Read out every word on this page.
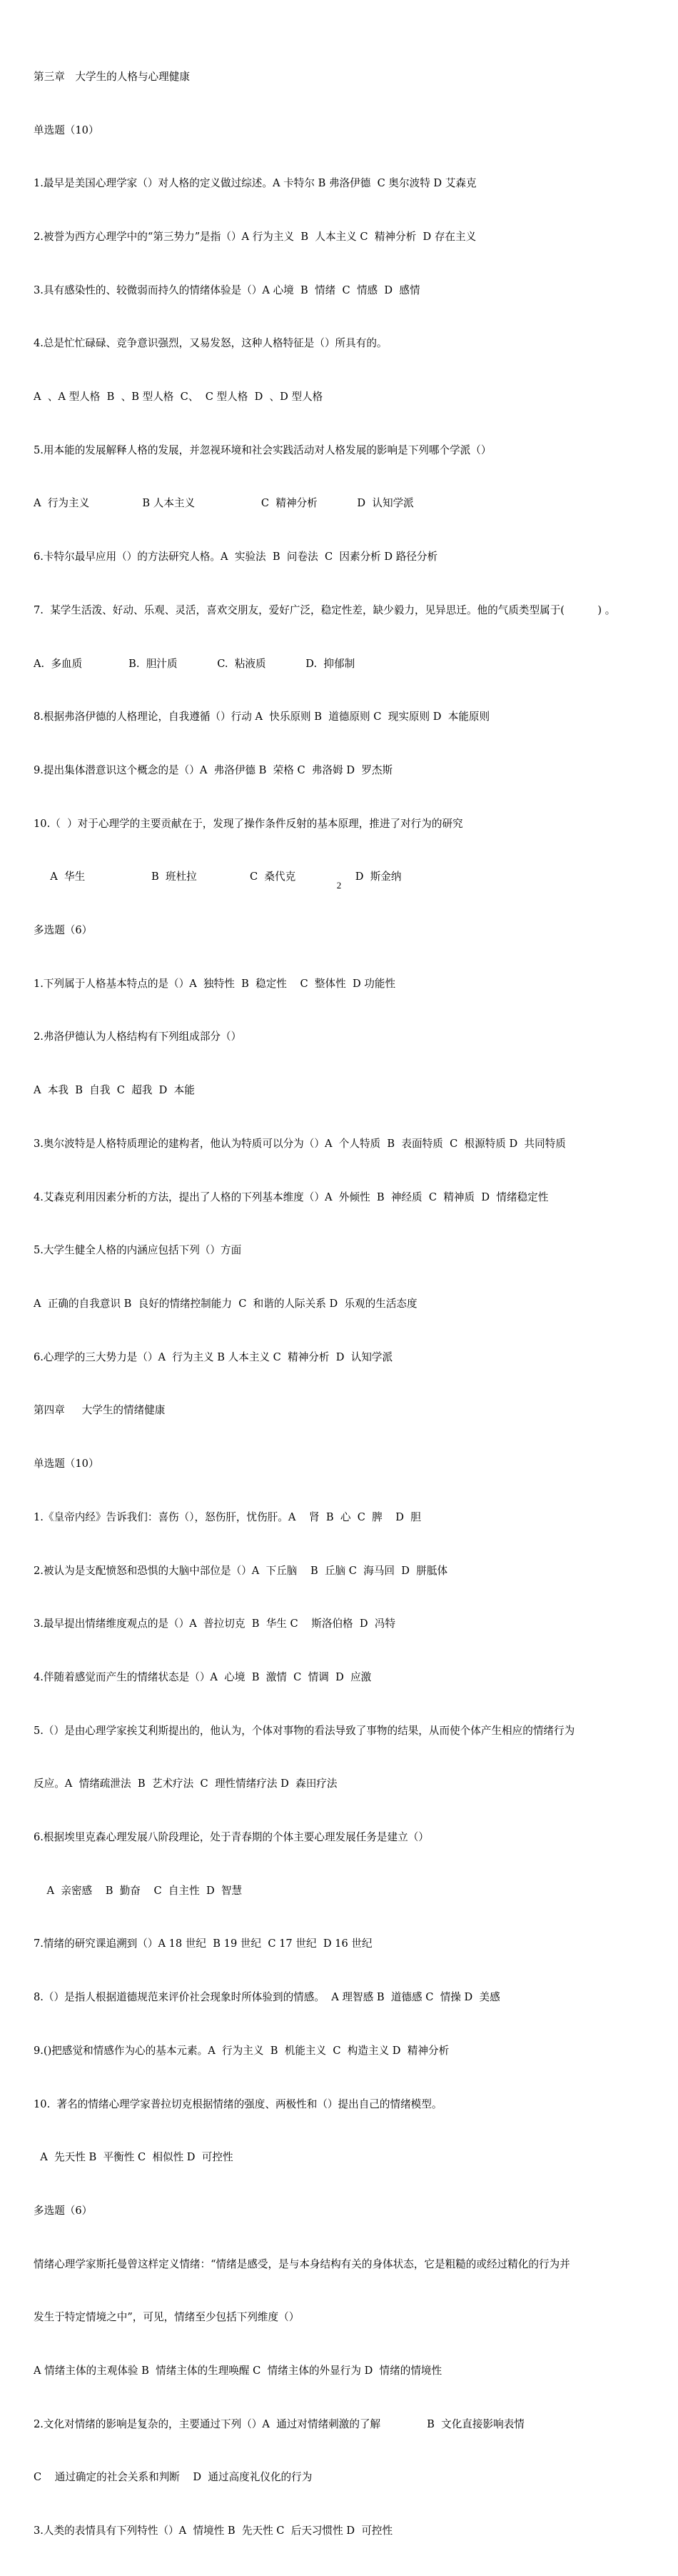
第三章　大学生的人格与心理健康

单选题（10）

1.最早是美国心理学家（）对人格的定义做过综述。A 卡特尔 B 弗洛伊德  C 奥尔波特 D 艾森克

2.被誉为西方心理学中的“第三势力”是指（）A 行为主义  B  人本主义 C  精神分析  D 存在主义

3.具有感染性的、较微弱而持久的情绪体验是（）A 心境  B  情绪  C  情感  D  感情

4.总是忙忙碌碌、竞争意识强烈，又易发怒，这种人格特征是（）所具有的。

A  、A 型人格  B  、B 型人格  C、  C 型人格  D  、D 型人格

5.用本能的发展解释人格的发展，并忽视环境和社会实践活动对人格发展的影响是下列哪个学派（）

A  行为主义                B 人本主义                    C  精神分析            D  认知学派

6.卡特尔最早应用（）的方法研究人格。A  实验法  B  问卷法  C  因素分析 D 路径分析

7.  某学生活泼、好动、乐观、灵活，喜欢交朋友，爱好广泛，稳定性差，缺少毅力，见异思迁。他的气质类型属于(          ) 。

A.  多血质              B.  胆汁质            C.  粘液质            D.  抑郁制

8.根据弗洛伊德的人格理论，自我遵循（）行动 A  快乐原则 B  道德原则 C  现实原则 D  本能原则

9.提出集体潜意识这个概念的是（）A  弗洛伊德 B  荣格 C  弗洛姆 D  罗杰斯

10.（  ）对于心理学的主要贡献在于，发现了操作条件反射的基本原理，推进了对行为的研究

A  华生                    B  班杜拉                C  桑代克                  D  斯金纳

多选题（6）

1.下列属于人格基本特点的是（）A  独特性  B  稳定性    C  整体性  D 功能性

2.弗洛伊德认为人格结构有下列组成部分（）

A  本我  B  自我  C  超我  D  本能

3.奥尔波特是人格特质理论的建构者，他认为特质可以分为（）A  个人特质  B  表面特质  C  根源特质 D  共同特质

4.艾森克利用因素分析的方法，提出了人格的下列基本维度（）A  外倾性  B  神经质  C  精神质  D  情绪稳定性

5.大学生健全人格的内涵应包括下列（）方面

A  正确的自我意识 B  良好的情绪控制能力  C  和谐的人际关系 D  乐观的生活态度

6.心理学的三大势力是（）A  行为主义 B 人本主义 C  精神分析  D  认知学派

第四章　  大学生的情绪健康

单选题（10）

1.《皇帝内经》告诉我们：喜伤（），怒伤肝，忧伤肝。A    肾  B  心  C  脾    D  胆

2.被认为是支配愤怒和恐惧的大脑中部位是（）A  下丘脑    B  丘脑 C  海马回  D  胼胝体

3.最早提出情绪维度观点的是（）A  普拉切克  B  华生 C    斯洛伯格  D  冯特

4.伴随着感觉而产生的情绪状态是（）A  心境  B  激情  C  情调  D  应激

5.（）是由心理学家挨艾利斯提出的，他认为，个体对事物的看法导致了事物的结果，从而使个体产生相应的情绪行为

反应。A  情绪疏泄法  B  艺术疗法  C  理性情绪疗法 D  森田疗法

6.根据埃里克森心理发展八阶段理论，处于青春期的个体主要心理发展任务是建立（）

A  亲密感    B  勤奋    C  自主性  D  智慧

7.情绪的研究课追溯到（）A 18 世纪  B 19 世纪  C 17 世纪  D 16 世纪

8.（）是指人根据道德规范来评价社会现象时所体验到的情感。  A 理智感 B  道德感 C  情操 D  美感

9.()把感觉和情感作为心的基本元素。A  行为主义  B  机能主义  C  构造主义 D  精神分析

10.  著名的情绪心理学家普拉切克根据情绪的强度、两极性和（）提出自己的情绪模型。

A  先天性 B  平衡性 C  相似性 D  可控性

多选题（6）

情绪心理学家斯托曼曾这样定义情绪：“情绪是感受，是与本身结构有关的身体状态，它是粗糙的或经过精化的行为并

发生于特定情境之中”，可见，情绪至少包括下列维度（）

A 情绪主体的主观体验 B  情绪主体的生理唤醒 C  情绪主体的外显行为 D  情绪的情境性

2.文化对情绪的影响是复杂的，主要通过下列（）A  通过对情绪刺激的了解              B  文化直接影响表情

C    通过确定的社会关系和判断    D  通过高度礼仪化的行为

3.人类的表情具有下列特性（）A  情境性 B  先天性 C  后天习惯性 D  可控性

2
